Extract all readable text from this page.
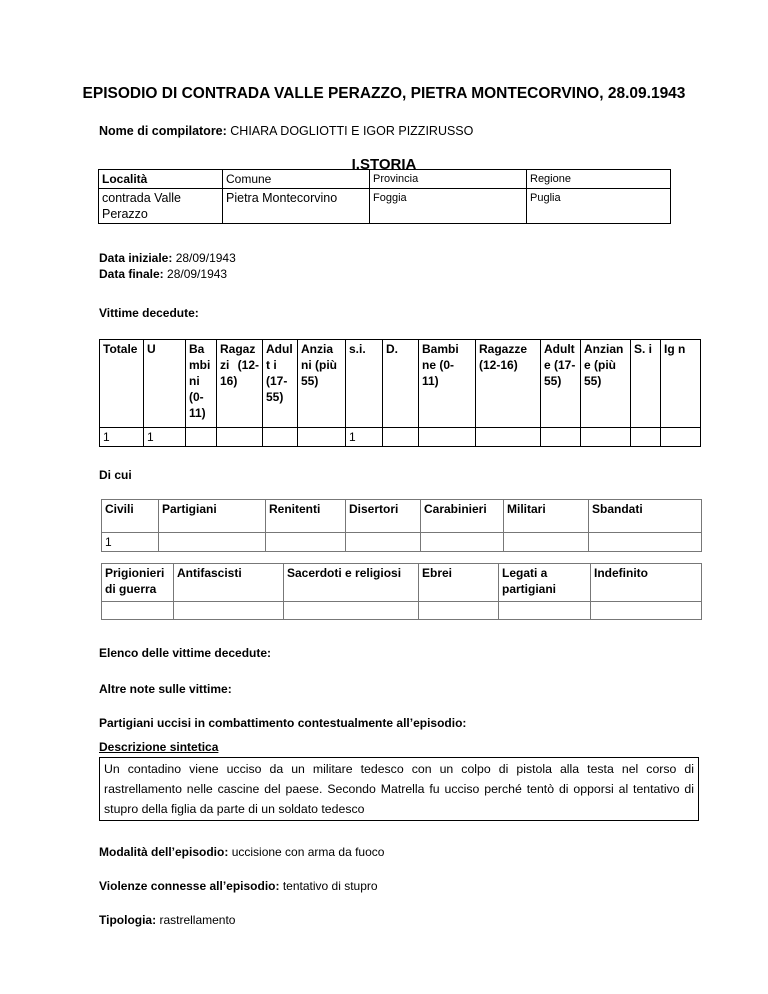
EPISODIO DI CONTRADA VALLE PERAZZO, PIETRA MONTECORVINO, 28.09.1943
Nome di compilatore: CHIARA DOGLIOTTI E IGOR PIZZIRUSSO
I.STORIA
Località	Comune	Provincia	Regione
contrada Valle Perazzo	Pietra Montecorvino	Foggia	Puglia
Data iniziale: 28/09/1943
Data finale: 28/09/1943
Vittime decedute:
Totale	U	Ba mbi ni (0- 11)	Ragaz zi (12- 16)	Adult i (17- 55)	Anzia ni (più 55)	s.i.	D.	Bambi ne (0- 11)	Ragazze (12-16)	Adult e (17- 55)	Anzian e (più 55)	S. i	Ig n
1	1					1							
Di cui
Civili	Partigiani	Renitenti	Disertori	Carabinieri	Militari	Sbandati
1						
Prigionieri di guerra	Antifascisti	Sacerdoti e religiosi	Ebrei	Legati a partigiani	Indefinito

Elenco delle vittime decedute:
Altre note sulle vittime:
Partigiani uccisi in combattimento contestualmente all’episodio:
Descrizione sintetica
Un contadino viene ucciso da un militare tedesco con un colpo di pistola alla testa nel corso di rastrellamento nelle cascine del paese. Secondo Matrella fu ucciso perché tentò di opporsi al tentativo di stupro della figlia da parte di un soldato tedesco
Modalità dell’episodio: uccisione con arma da fuoco
Violenze connesse all’episodio: tentativo di stupro
Tipologia: rastrellamento
